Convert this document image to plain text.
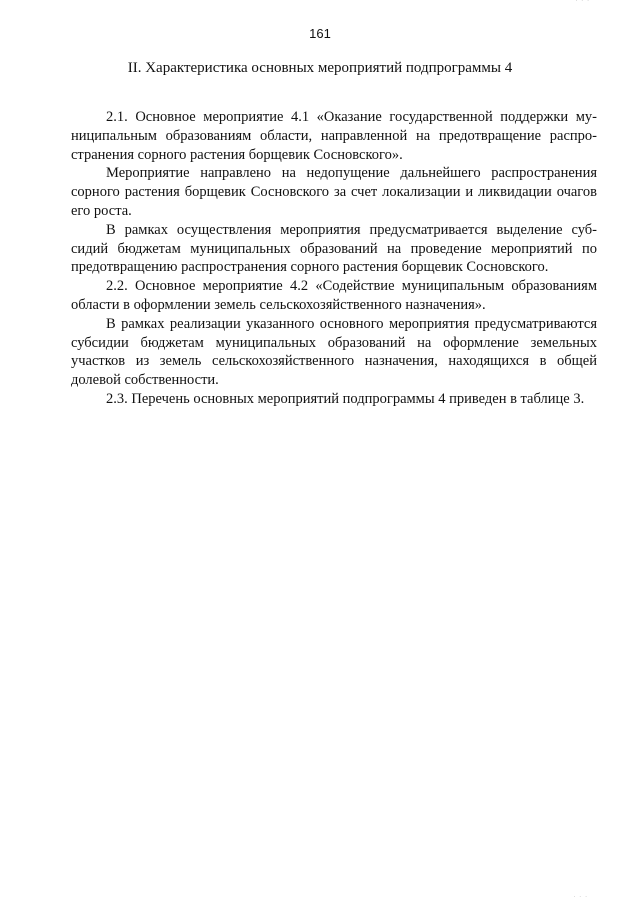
· · ·
161
II. Характеристика основных мероприятий подпрограммы 4

2.1. Основное мероприятие 4.1 «Оказание государственной поддержки муниципальным образованиям области, направленной на предотвращение распространения сорного растения борщевик Сосновского».

Мероприятие направлено на недопущение дальнейшего распространения сорного растения борщевик Сосновского за счет локализации и ликвидации очагов его роста.

В рамках осуществления мероприятия предусматривается выделение субсидий бюджетам муниципальных образований на проведение мероприятий по предотвращению распространения сорного растения борщевик Сосновского.

2.2. Основное мероприятие 4.2 «Содействие муниципальным образованиям области в оформлении земель сельскохозяйственного назначения».

В рамках реализации указанного основного мероприятия предусматриваются субсидии бюджетам муниципальных образований на оформление земельных участков из земель сельскохозяйственного назначения, находящихся в общей долевой собственности.

2.3. Перечень основных мероприятий подпрограммы 4 приведен в таблице 3.

· · ·
